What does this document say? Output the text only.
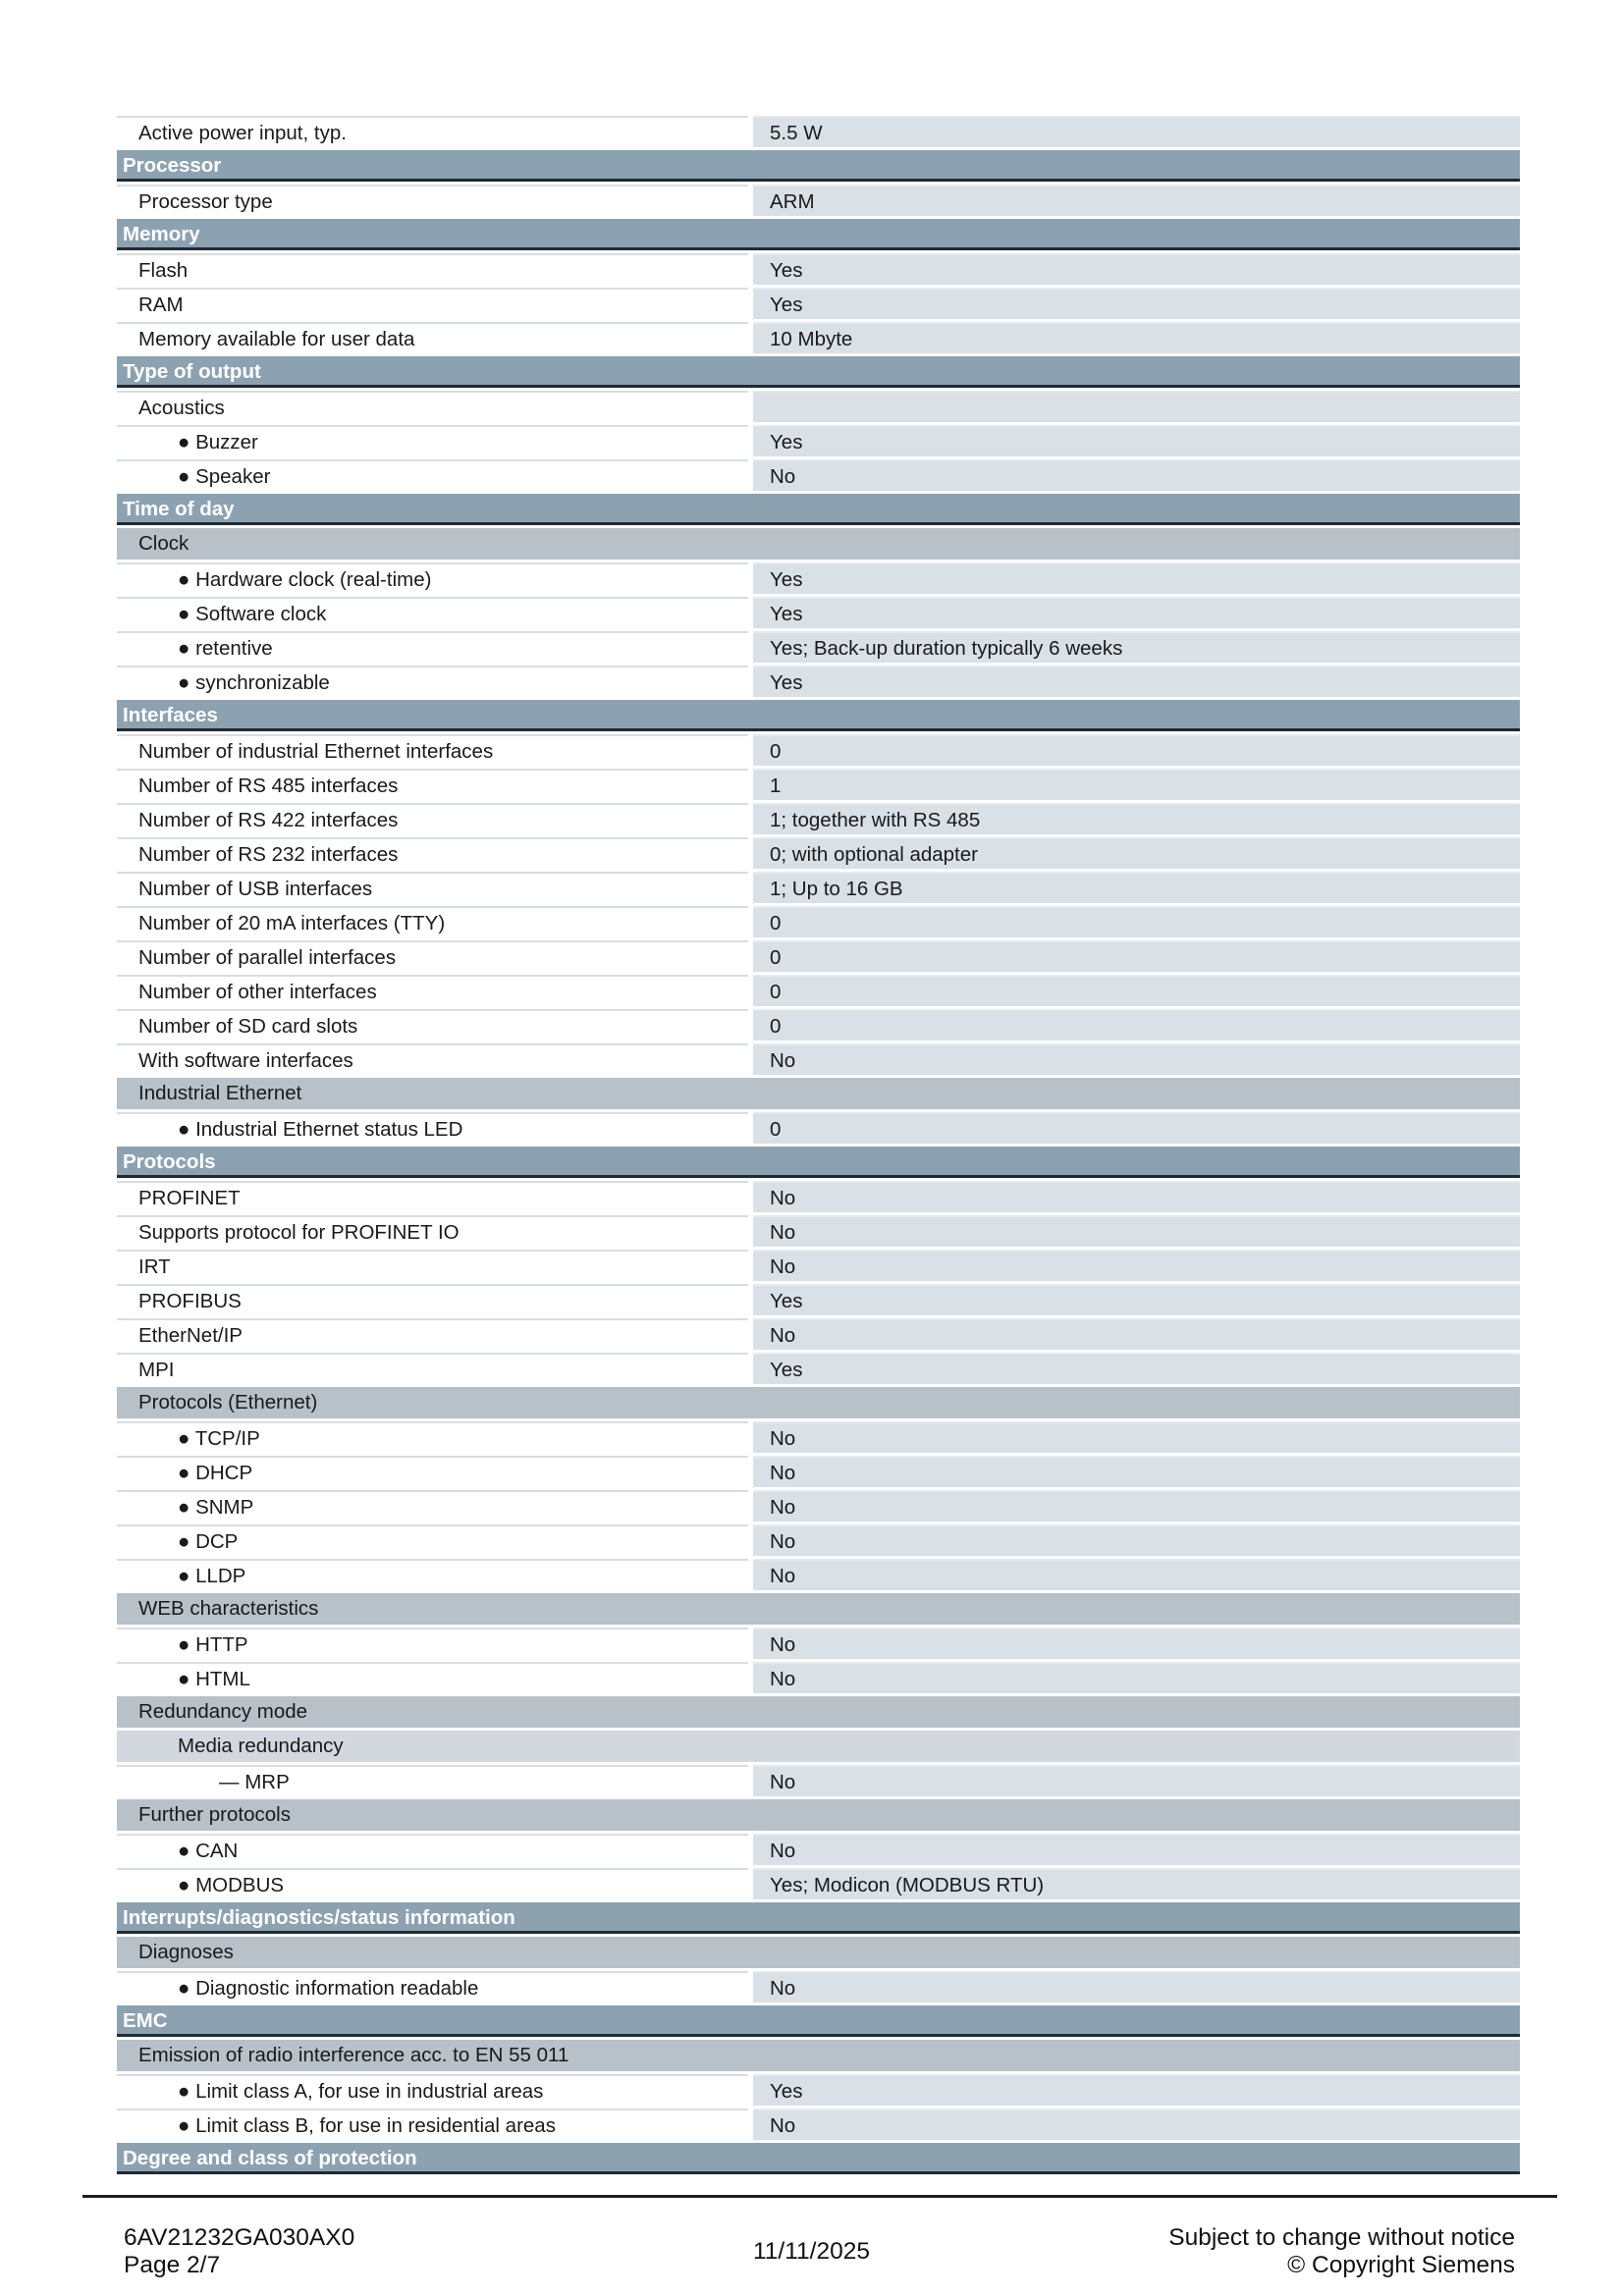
Active power input, typ.	5.5 W
Processor
Processor type	ARM
Memory
Flash	Yes
RAM	Yes
Memory available for user data	10 Mbyte
Type of output
Acoustics
● Buzzer	Yes
● Speaker	No
Time of day
Clock
● Hardware clock (real-time)	Yes
● Software clock	Yes
● retentive	Yes; Back-up duration typically 6 weeks
● synchronizable	Yes
Interfaces
Number of industrial Ethernet interfaces	0
Number of RS 485 interfaces	1
Number of RS 422 interfaces	1; together with RS 485
Number of RS 232 interfaces	0; with optional adapter
Number of USB interfaces	1; Up to 16 GB
Number of 20 mA interfaces (TTY)	0
Number of parallel interfaces	0
Number of other interfaces	0
Number of SD card slots	0
With software interfaces	No
Industrial Ethernet
● Industrial Ethernet status LED	0
Protocols
PROFINET	No
Supports protocol for PROFINET IO	No
IRT	No
PROFIBUS	Yes
EtherNet/IP	No
MPI	Yes
Protocols (Ethernet)
● TCP/IP	No
● DHCP	No
● SNMP	No
● DCP	No
● LLDP	No
WEB characteristics
● HTTP	No
● HTML	No
Redundancy mode
Media redundancy
— MRP	No
Further protocols
● CAN	No
● MODBUS	Yes; Modicon (MODBUS RTU)
Interrupts/diagnostics/status information
Diagnoses
● Diagnostic information readable	No
EMC
Emission of radio interference acc. to EN 55 011
● Limit class A, for use in industrial areas	Yes
● Limit class B, for use in residential areas	No
Degree and class of protection
6AV21232GA030AX0
Page 2/7
11/11/2025
Subject to change without notice
© Copyright Siemens
